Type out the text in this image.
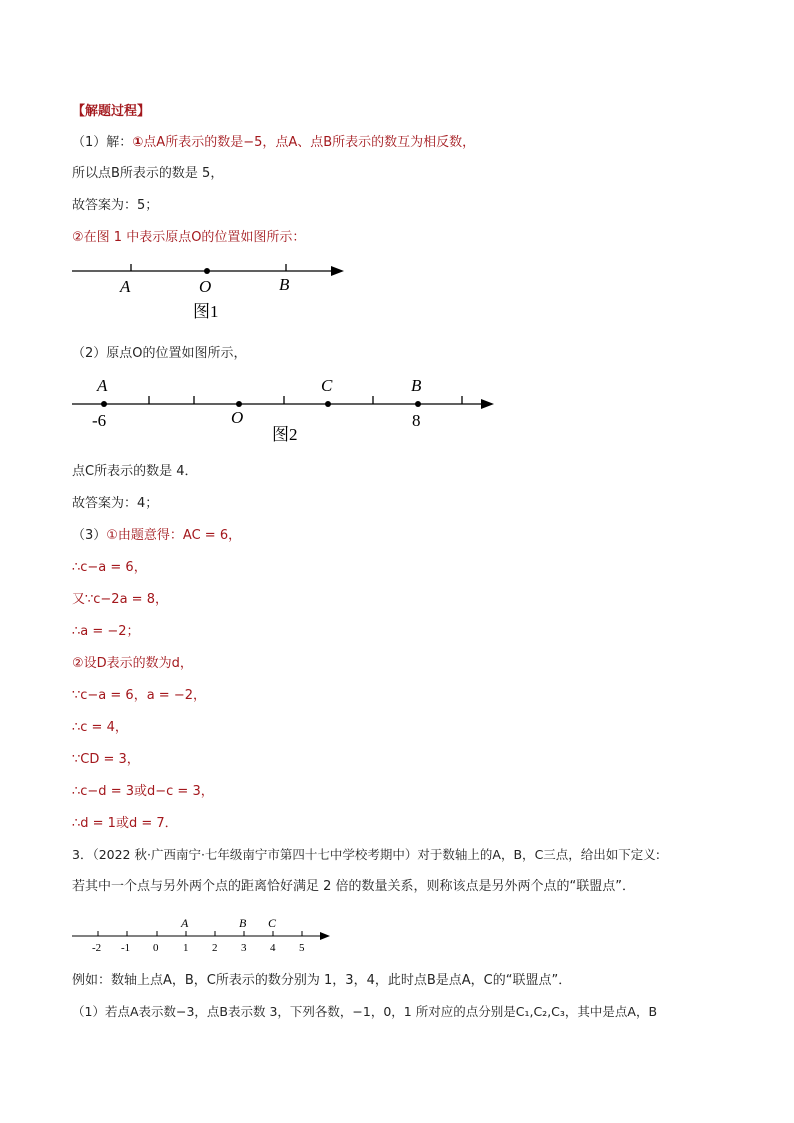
【解题过程】
（1）解：①点A所表示的数是−5，点A、点B所表示的数互为相反数，
所以点B所表示的数是 5，
故答案为：5；
②在图 1 中表示原点O的位置如图所示：
A	O	B
图1
（2）原点O的位置如图所示，
A	C	B
-6	O	8
图2
点C所表示的数是 4．
故答案为：4；
（3）①由题意得：AC = 6，
∴c−a = 6，
又∵c−2a = 8，
∴a = −2；
②设D表示的数为d，
∵c−a = 6，a = −2，
∴c = 4，
∵CD = 3，
∴c−d = 3或d−c = 3，
∴d = 1或d = 7．
3．（2022 秋·广西南宁·七年级南宁市第四十七中学校考期中）对于数轴上的A，B，C三点，给出如下定义:
若其中一个点与另外两个点的距离恰好满足 2 倍的数量关系，则称该点是另外两个点的“联盟点”．
A	B C
-2 -1 0 1 2 3 4 5
例如：数轴上点A，B，C所表示的数分别为 1，3，4，此时点B是点A，C的“联盟点”．
（1）若点A表示数−3，点B表示数 3，下列各数，−1，0，1 所对应的点分别是C₁,C₂,C₃，其中是点A，B
